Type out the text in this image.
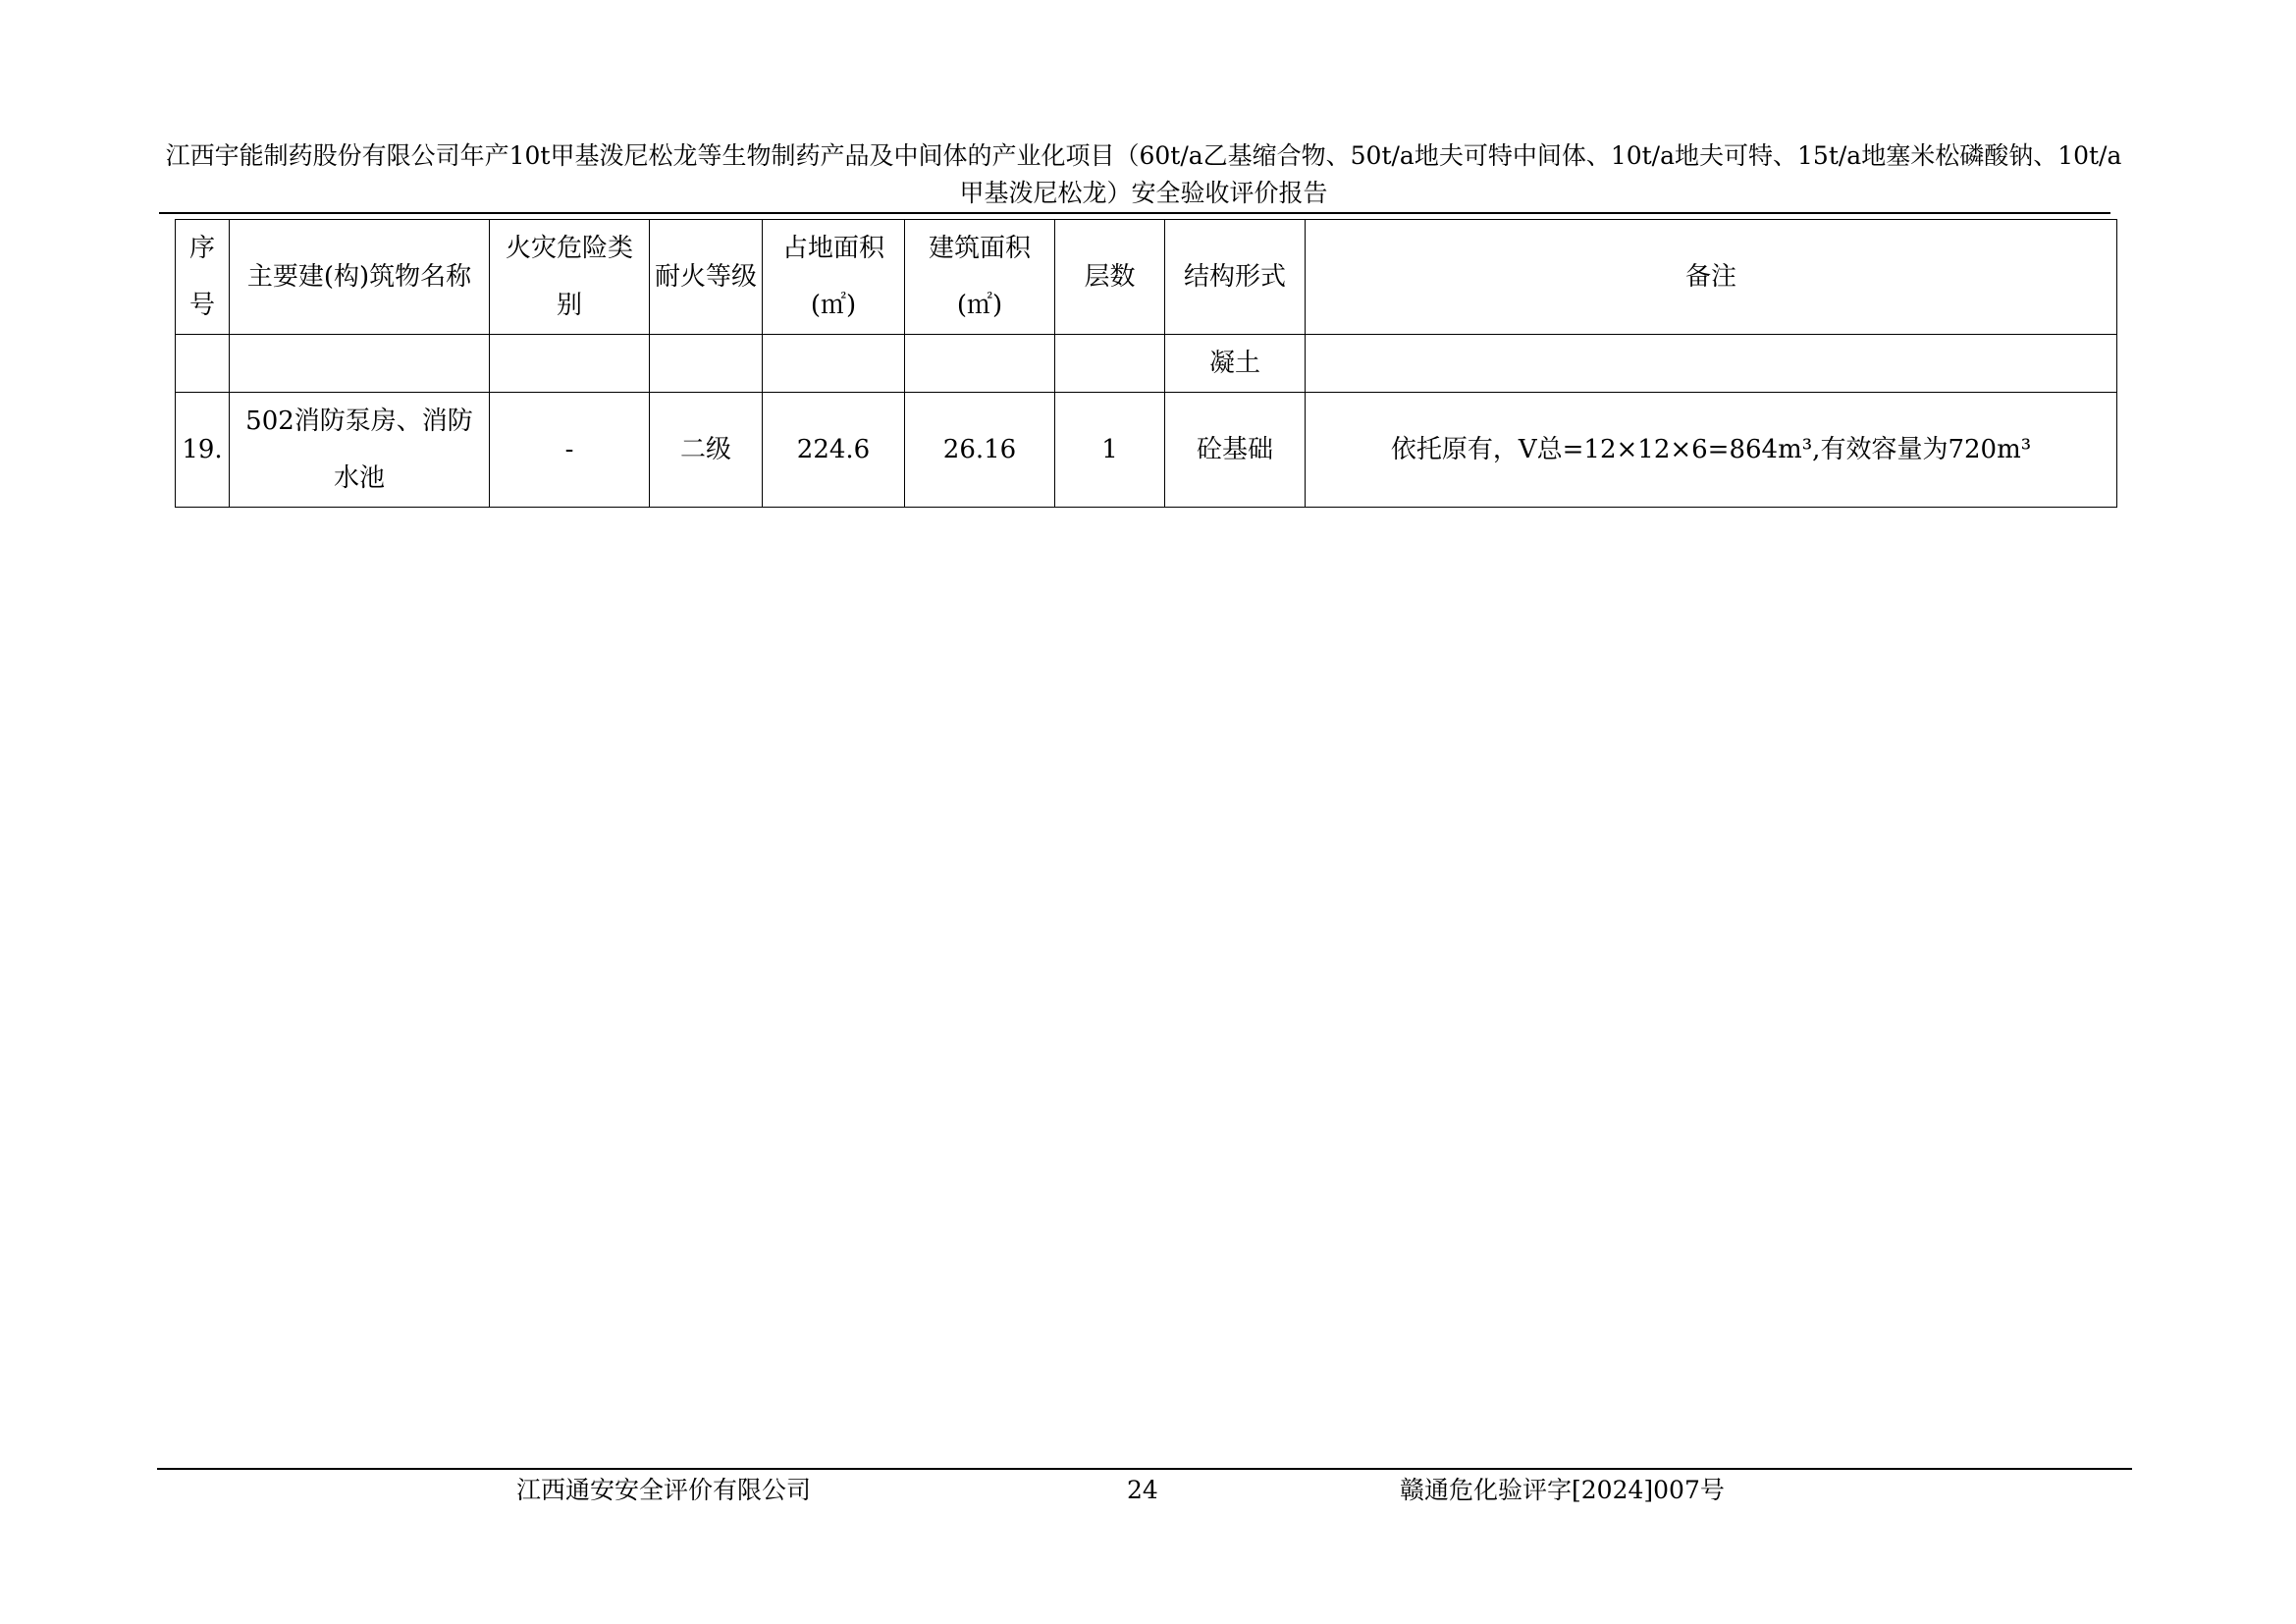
江西宇能制药股份有限公司年产10t甲基泼尼松龙等生物制药产品及中间体的产业化项目（60t/a乙基缩合物、50t/a地夫可特中间体、10t/a地夫可特、15t/a地塞米松磷酸钠、10t/a甲基泼尼松龙）安全验收评价报告
序号	主要建(构)筑物名称	火灾危险类别	耐火等级	占地面积(㎡)	建筑面积(㎡)	层数	结构形式	备注
							凝土	
19.	502消防泵房、消防水池	-	二级	224.6	26.16	1	砼基础	依托原有，V总=12×12×6=864m³,有效容量为720m³
江西通安安全评价有限公司	24	赣通危化验评字[2024]007号
